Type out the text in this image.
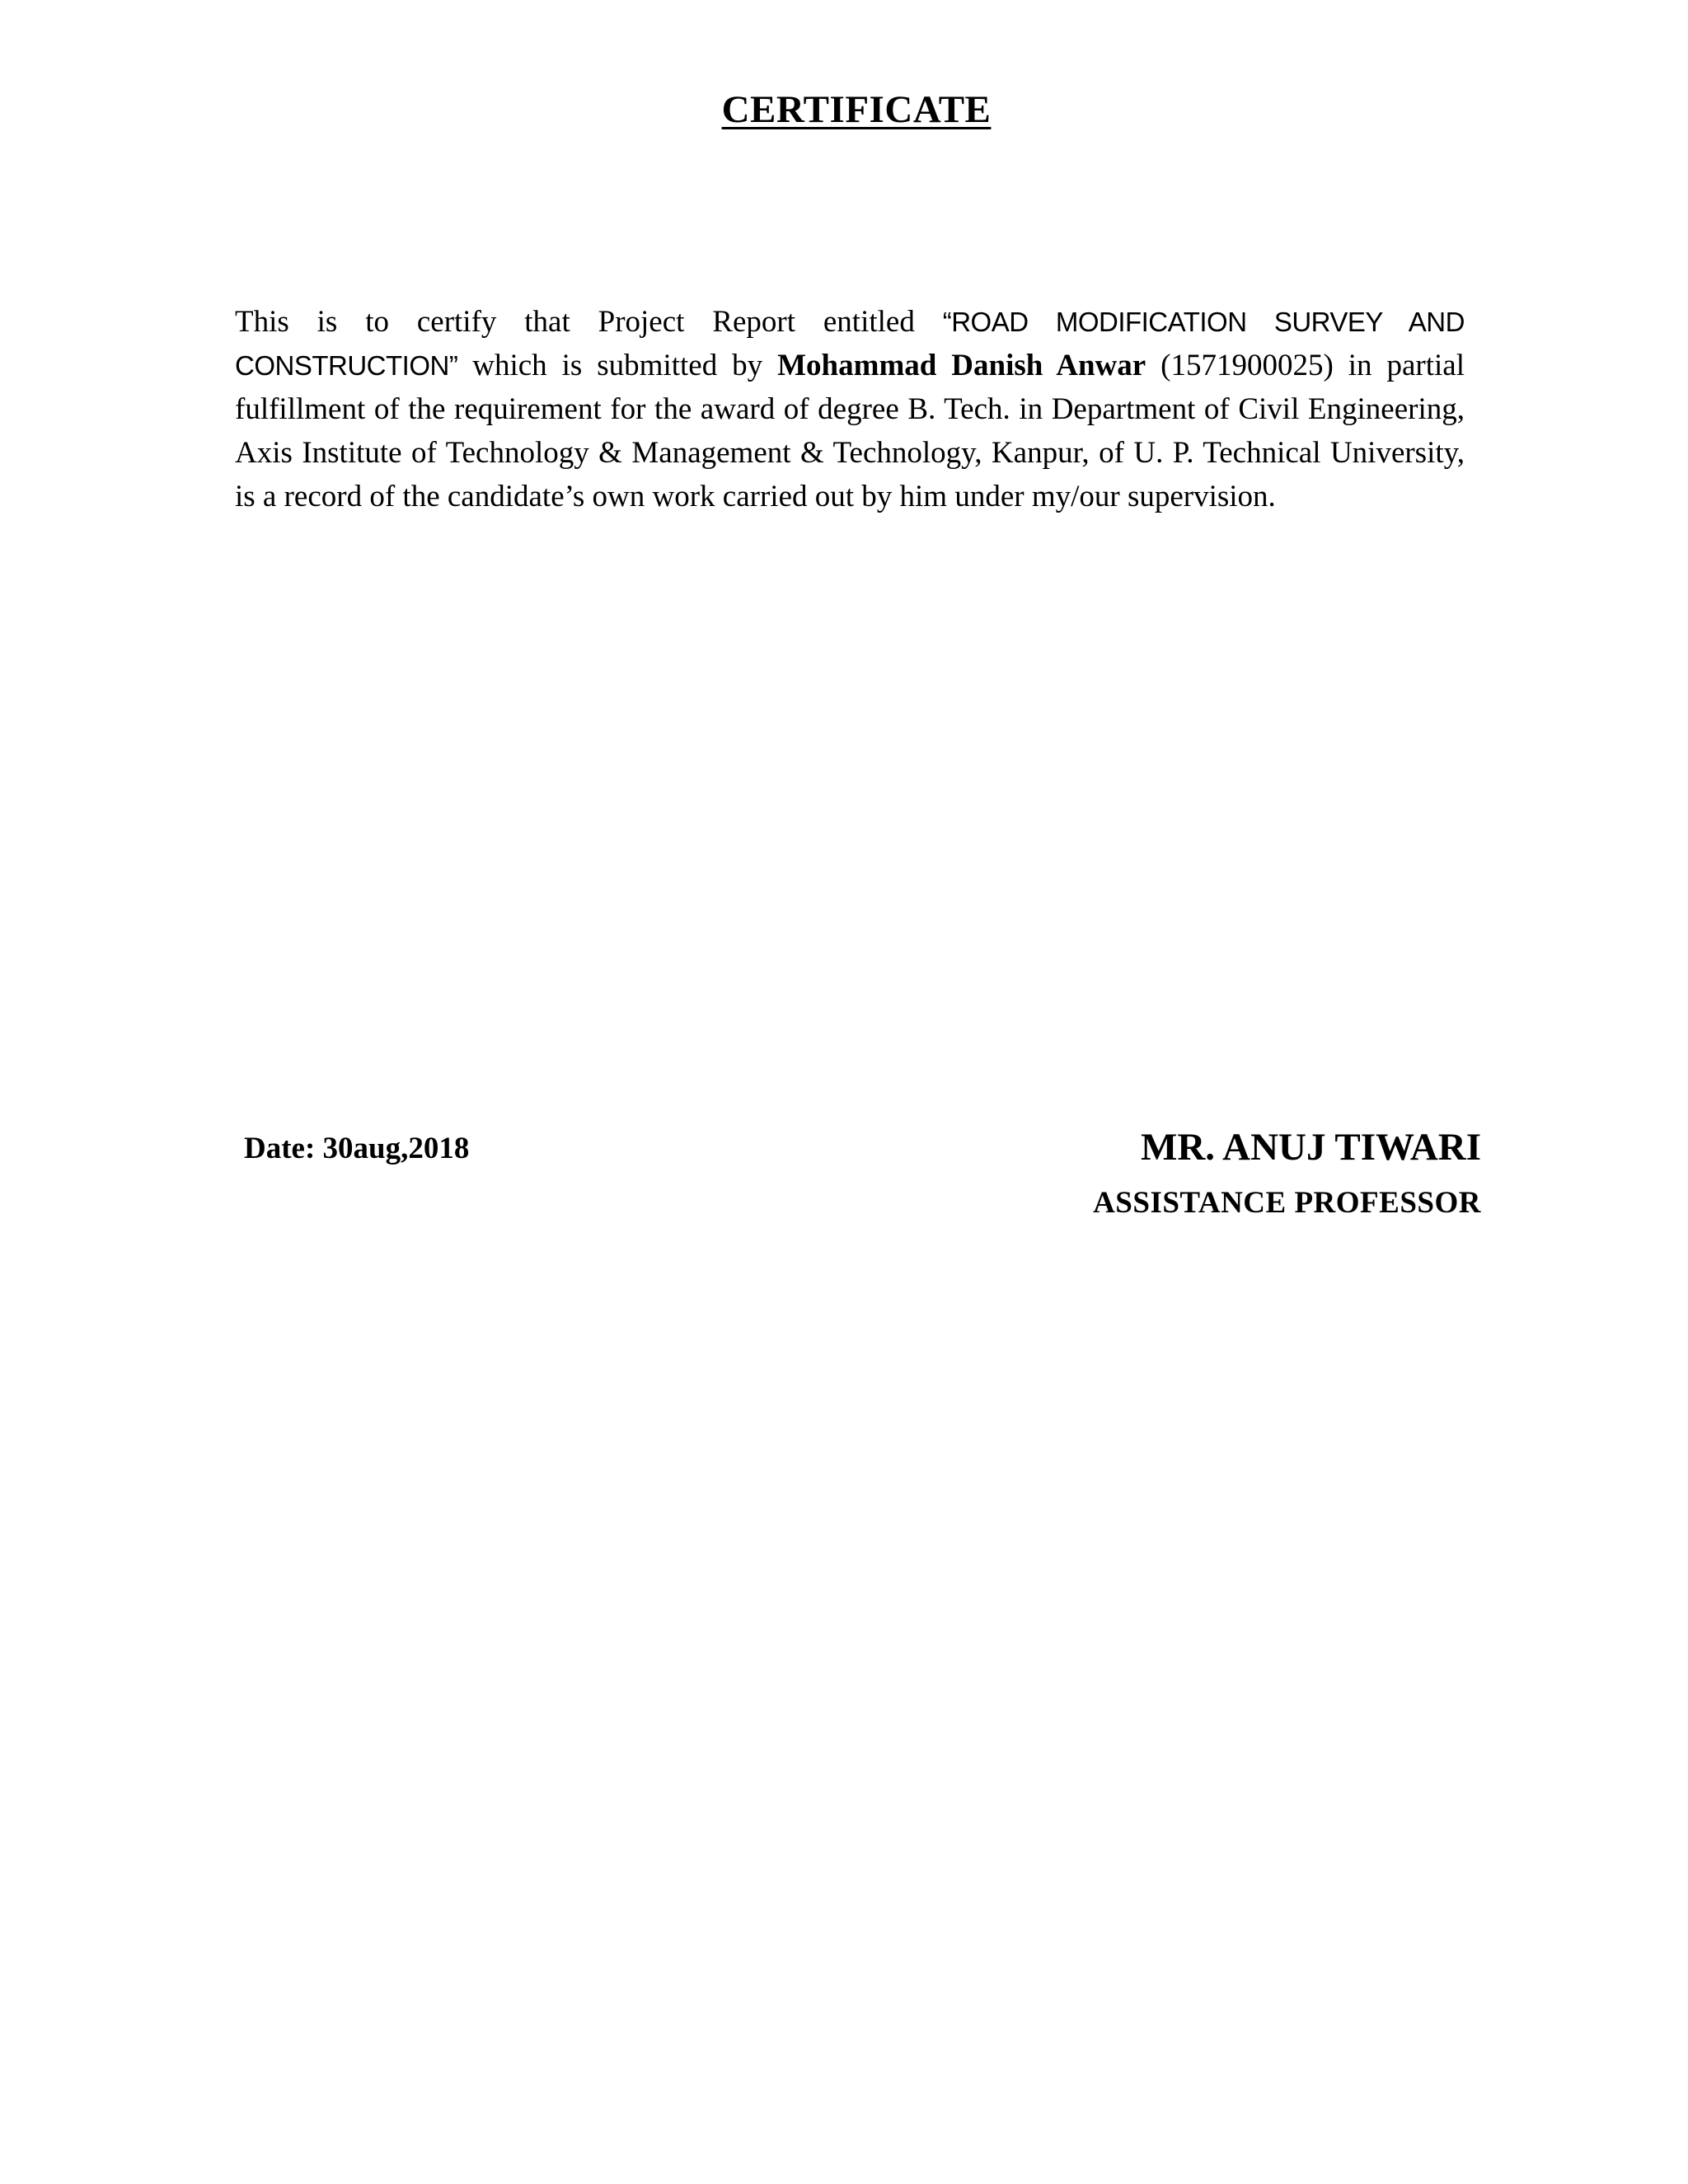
CERTIFICATE

This is to certify that Project Report entitled “ROAD MODIFICATION SURVEY AND CONSTRUCTION” which is submitted by Mohammad Danish Anwar (1571900025) in partial fulfillment of the requirement for the award of degree B. Tech. in Department of Civil Engineering, Axis Institute of Technology & Management & Technology, Kanpur, of U. P. Technical University, is a record of the candidate’s own work carried out by him under my/our supervision.

Date: 30aug,2018	MR. ANUJ TIWARI

ASSISTANCE PROFESSOR
